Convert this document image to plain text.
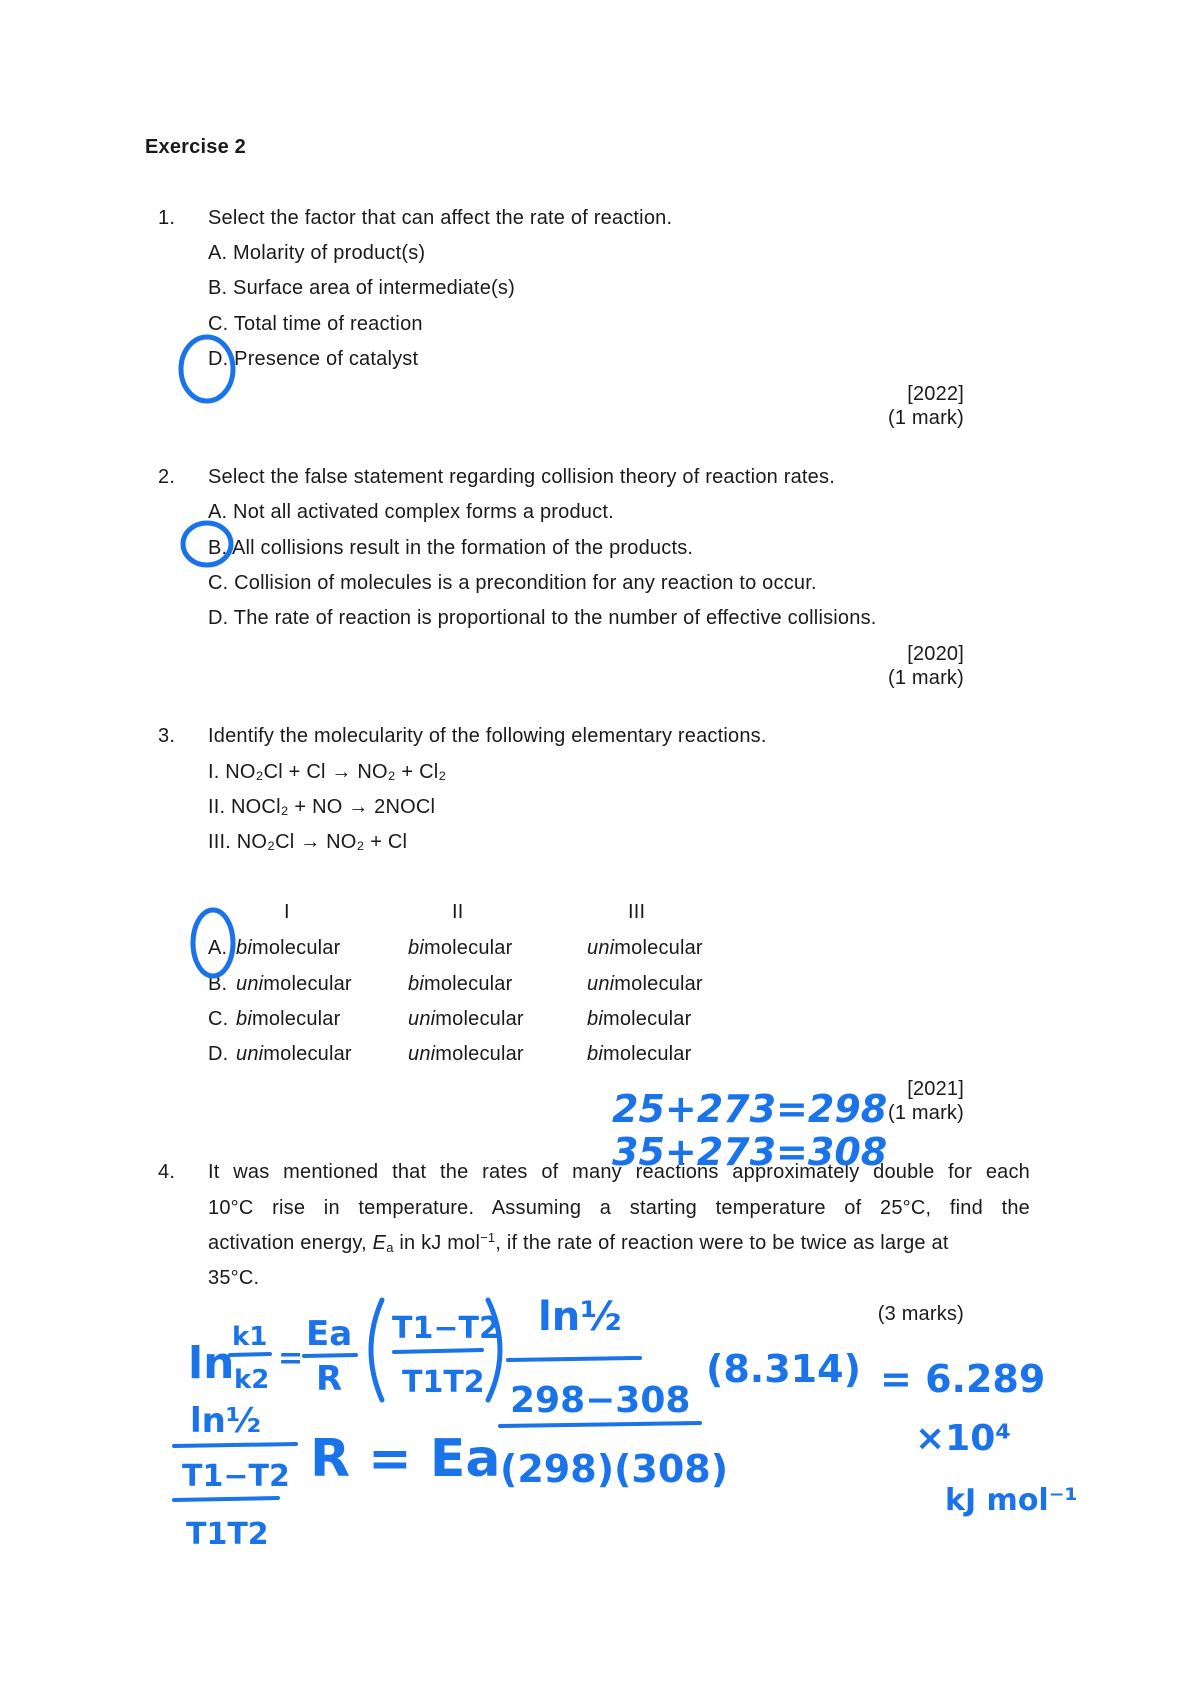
Exercise 2
1. Select the factor that can affect the rate of reaction.
A. Molarity of product(s)
B. Surface area of intermediate(s)
C. Total time of reaction
D. Presence of catalyst
[2022]
(1 mark)
2. Select the false statement regarding collision theory of reaction rates.
A. Not all activated complex forms a product.
B. All collisions result in the formation of the products.
C. Collision of molecules is a precondition for any reaction to occur.
D. The rate of reaction is proportional to the number of effective collisions.
[2020]
(1 mark)
3. Identify the molecularity of the following elementary reactions.
I. NO₂Cl + Cl → NO₂ + Cl₂
II. NOCl₂ + NO → 2NOCl
III. NO₂Cl → NO₂ + Cl
I	II	III
A. bimolecular	bimolecular	unimolecular
B. unimolecular	bimolecular	unimolecular
C. bimolecular	unimolecular	bimolecular
D. unimolecular	unimolecular	bimolecular
[2021]
(1 mark)
4. It was mentioned that the rates of many reactions approximately double for each
10°C rise in temperature. Assuming a starting temperature of 25°C, find the
activation energy, $E_a$ in kJ mol$^{-1}$, if the rate of reaction were to be twice as large at
35°C.
(3 marks)
25+273=298
35+273=308
ln
k1
k2
=
Ea
R
T1−T2
T1T2
ln½
298−308
(298)(308)
(8.314) = 6.289
×10⁴
kJ mol⁻¹
ln½
T1−T2
T1T2
R = Ea
